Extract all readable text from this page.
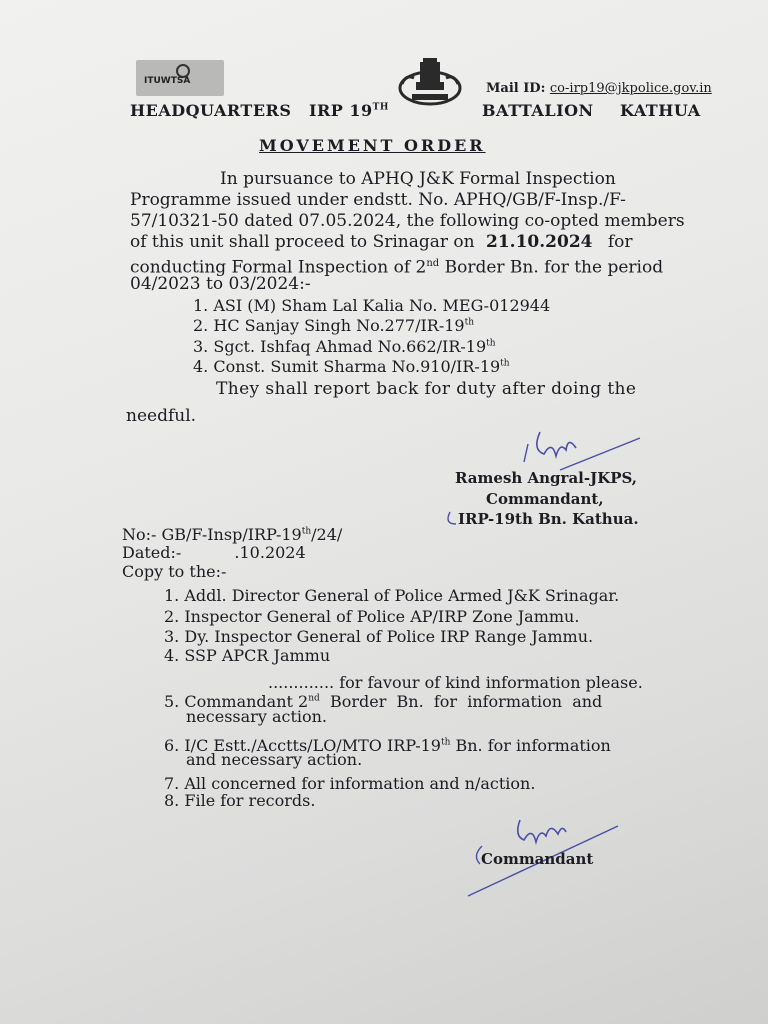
ITUWTSA	Mail ID: co-irp19@jkpolice.gov.in
HEADQUARTERS IRP 19TH	BATTALION KATHUA
MOVEMENT ORDER
In pursuance to APHQ J&K Formal Inspection
Programme issued under endstt. No. APHQ/GB/F-Insp./F-
57/10321-50 dated 07.05.2024, the following co-opted members
of this unit shall proceed to Srinagar on 21.10.2024 for
conducting Formal Inspection of 2nd Border Bn. for the period
04/2023 to 03/2024:-
1. ASI (M) Sham Lal Kalia No. MEG-012944
2. HC Sanjay Singh No.277/IR-19th
3. Sgct. Ishfaq Ahmad No.662/IR-19th
4. Const. Sumit Sharma No.910/IR-19th
They shall report back for duty after doing the
needful.
Ramesh Angral-JKPS,
Commandant,
IRP-19th Bn. Kathua.
No:- GB/F-Insp/IRP-19th/24/
Dated:-	.10.2024
Copy to the:-
1. Addl. Director General of Police Armed J&K Srinagar.
2. Inspector General of Police AP/IRP Zone Jammu.
3. Dy. Inspector General of Police IRP Range Jammu.
4. SSP APCR Jammu
............. for favour of kind information please.
5. Commandant 2nd  Border  Bn.  for  information  and
necessary action.
6. I/C Estt./Acctts/LO/MTO IRP-19th Bn. for information
and necessary action.
7. All concerned for information and n/action.
8. File for records.
Commandant
